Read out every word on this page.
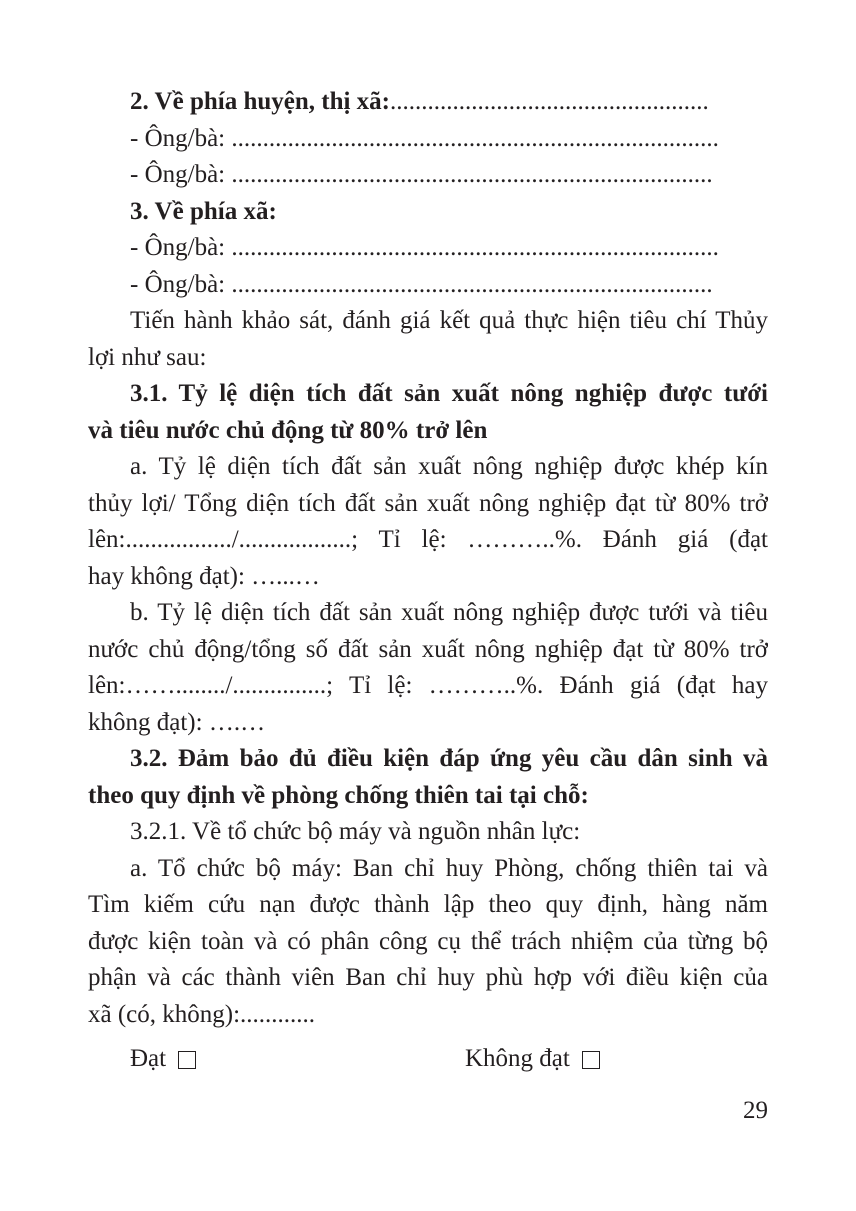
2. Về phía huyện, thị xã:...................................................
- Ông/bà: ..............................................................................
- Ông/bà: .............................................................................
3. Về phía xã:
- Ông/bà: ..............................................................................
- Ông/bà: .............................................................................
Tiến hành khảo sát, đánh giá kết quả thực hiện tiêu chí Thủy
lợi như sau:
3.1. Tỷ lệ diện tích đất sản xuất nông nghiệp được tưới
và tiêu nước chủ động từ 80% trở lên
a. Tỷ lệ diện tích đất sản xuất nông nghiệp được khép kín
thủy lợi/ Tổng diện tích đất sản xuất nông nghiệp đạt từ 80% trở
lên:................./..................; Tỉ lệ: ………..%. Đánh giá (đạt
hay không đạt): …...…
b. Tỷ lệ diện tích đất sản xuất nông nghiệp được tưới và tiêu
nước chủ động/tổng số đất sản xuất nông nghiệp đạt từ 80% trở
lên:……......../...............; Tỉ lệ: ………..%. Đánh giá (đạt hay
không đạt): ….…
3.2. Đảm bảo đủ điều kiện đáp ứng yêu cầu dân sinh và
theo quy định về phòng chống thiên tai tại chỗ:
3.2.1. Về tổ chức bộ máy và nguồn nhân lực:
a. Tổ chức bộ máy: Ban chỉ huy Phòng, chống thiên tai và
Tìm kiếm cứu nạn được thành lập theo quy định, hàng năm
được kiện toàn và có phân công cụ thể trách nhiệm của từng bộ
phận và các thành viên Ban chỉ huy phù hợp với điều kiện của
xã (có, không):............
Đạt	Không đạt
29
